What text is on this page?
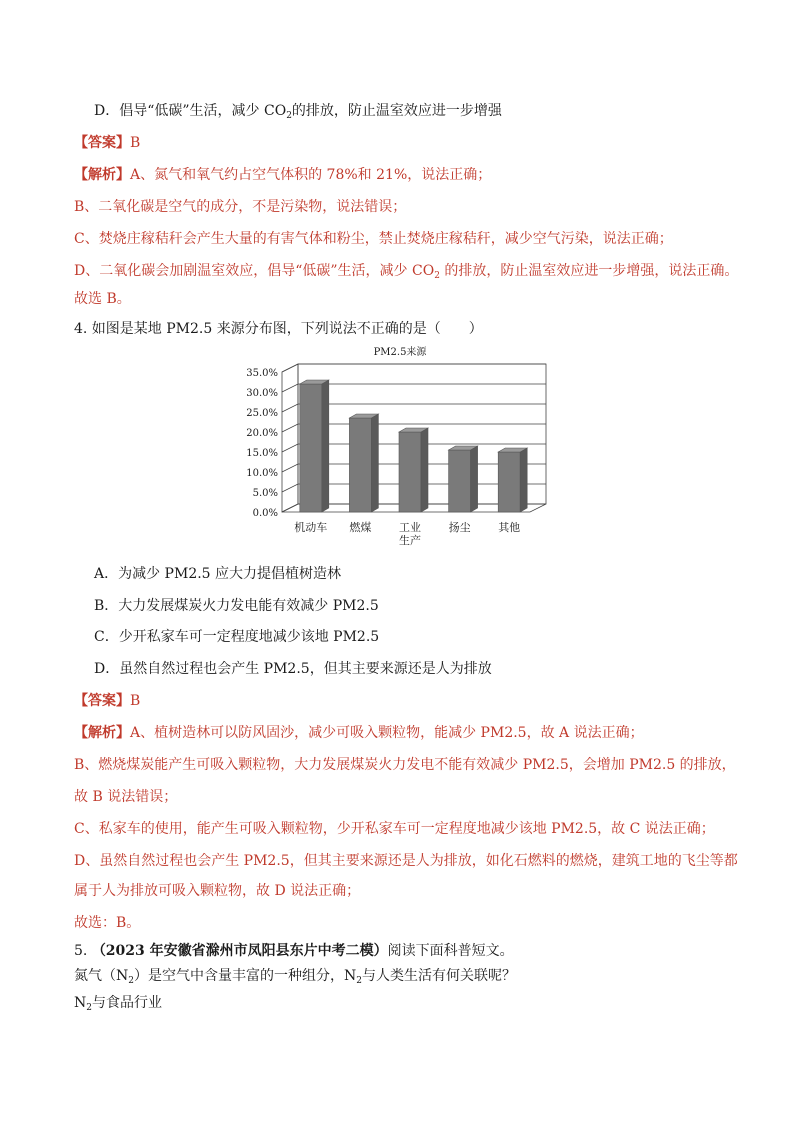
D．倡导“低碳”生活，减少 $CO_2$的排放，防止温室效应进一步增强
【答案】B
【解析】A、氮气和氧气约占空气体积的 78%和 21%，说法正确；
B、二氧化碳是空气的成分，不是污染物，说法错误；
C、焚烧庄稼秸秆会产生大量的有害气体和粉尘，禁止焚烧庄稼秸秆，减少空气污染，说法正确；
D、二氧化碳会加剧温室效应，倡导“低碳”生活，减少 $CO_2$ 的排放，防止温室效应进一步增强，说法正确。
故选 B。
4. 如图是某地 PM2.5 来源分布图，下列说法不正确的是（　　）
PM2.5来源
0.0%
5.0%
10.0%
15.0%
20.0%
25.0%
30.0%
35.0%
机动车 燃煤	工业
生产
扬尘	其他
A．为减少 PM2.5 应大力提倡植树造林
B．大力发展煤炭火力发电能有效减少 PM2.5
C．少开私家车可一定程度地减少该地 PM2.5
D．虽然自然过程也会产生 PM2.5，但其主要来源还是人为排放
【答案】B
【解析】A、植树造林可以防风固沙，减少可吸入颗粒物，能减少 PM2.5，故 A 说法正确；
B、燃烧煤炭能产生可吸入颗粒物，大力发展煤炭火力发电不能有效减少 PM2.5，会增加 PM2.5 的排放，
故 B 说法错误；
C、私家车的使用，能产生可吸入颗粒物，少开私家车可一定程度地减少该地 PM2.5，故 C 说法正确；
D、虽然自然过程也会产生 PM2.5，但其主要来源还是人为排放，如化石燃料的燃烧，建筑工地的飞尘等都
属于人为排放可吸入颗粒物，故 D 说法正确；
故选：B。
5. （2023 年安徽省滁州市凤阳县东片中考二模）阅读下面科普短文。
氮气$(N_2)$是空气中含量丰富的一种组分，$N_2$与人类生活有何关联呢？
$N_2$与食品行业
